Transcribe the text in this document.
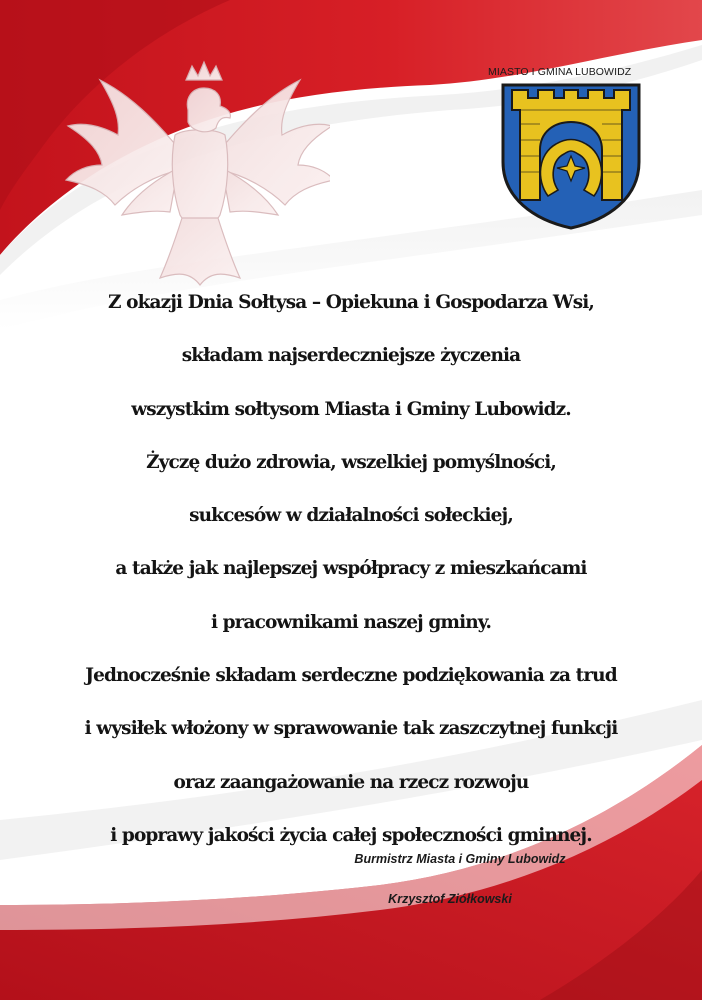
MIASTO I GMINA LUBOWIDZ
Z okazji Dnia Sołtysa – Opiekuna i Gospodarza Wsi,
składam najserdeczniejsze życzenia
wszystkim sołtysom Miasta i Gminy Lubowidz.
Życzę dużo zdrowia, wszelkiej pomyślności,
sukcesów w działalności sołeckiej,
a także jak najlepszej współpracy z mieszkańcami
i pracownikami naszej gminy.
Jednocześnie składam serdeczne podziękowania za trud
i wysiłek włożony w sprawowanie tak zaszczytnej funkcji
oraz zaangażowanie na rzecz rozwoju
i poprawy jakości życia całej społeczności gminnej.
Burmistrz Miasta i Gminy Lubowidz
Krzysztof Ziółkowski
